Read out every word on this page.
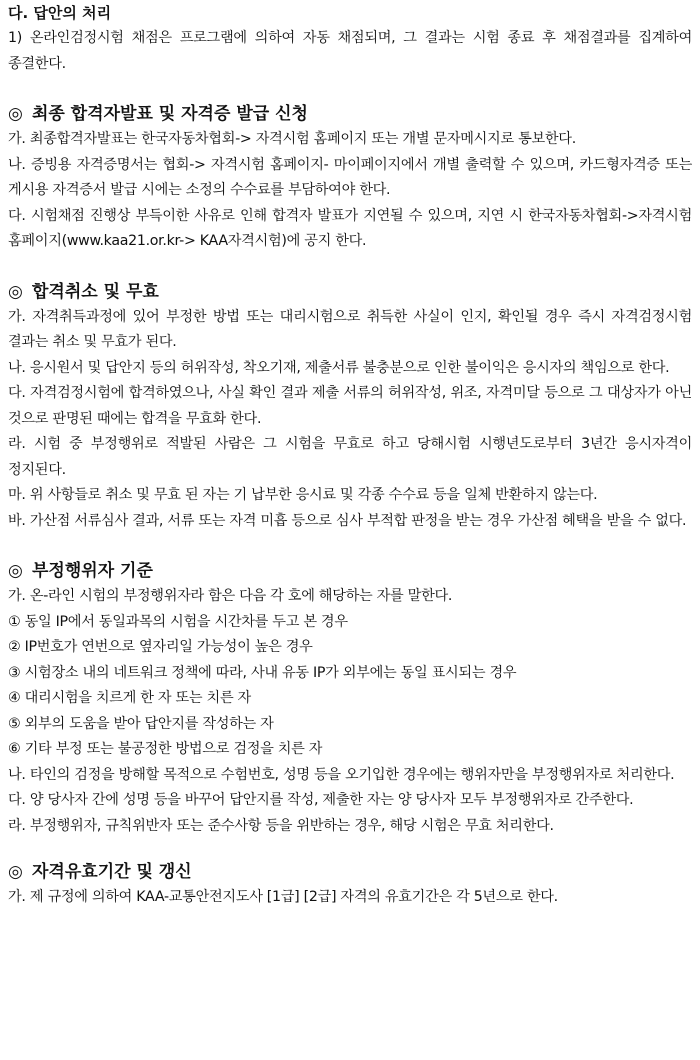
다. 답안의 처리

1) 온라인검정시험 채점은 프로그램에 의하여 자동 채점되며, 그 결과는 시험 종료 후 채점결과를 집계하여 종결한다.

◎ 최종 합격자발표 및 자격증 발급 신청

가. 최종합격자발표는 한국자동차협회-> 자격시험 홈페이지 또는 개별 문자메시지로 통보한다.

나. 증빙용 자격증명서는 협회-> 자격시험 홈페이지- 마이페이지에서 개별 출력할 수 있으며, 카드형자격증 또는 게시용 자격증서 발급 시에는 소정의 수수료를 부담하여야 한다.

다. 시험채점 진행상 부득이한 사유로 인해 합격자 발표가 지연될 수 있으며, 지연 시 한국자동차협회->자격시험 홈페이지(www.kaa21.or.kr-> KAA자격시험)에 공지 한다.

◎ 합격취소 및 무효

가. 자격취득과정에 있어 부정한 방법 또는 대리시험으로 취득한 사실이 인지, 확인될 경우 즉시 자격검정시험 결과는 취소 및 무효가 된다.

나. 응시원서 및 답안지 등의 허위작성, 착오기재, 제출서류 불충분으로 인한 불이익은 응시자의 책임으로 한다.

다. 자격검정시험에 합격하였으나, 사실 확인 결과 제출 서류의 허위작성, 위조, 자격미달 등으로 그 대상자가 아닌 것으로 판명된 때에는 합격을 무효화 한다.

라. 시험 중 부정행위로 적발된 사람은 그 시험을 무효로 하고 당해시험 시행년도로부터 3년간 응시자격이 정지된다.

마. 위 사항들로 취소 및 무효 된 자는 기 납부한 응시료 및 각종 수수료 등을 일체 반환하지 않는다.

바. 가산점 서류심사 결과, 서류 또는 자격 미흡 등으로 심사 부적합 판정을 받는 경우 가산점 혜택을 받을 수 없다.

◎ 부정행위자 기준

가. 온-라인 시험의 부정행위자라 함은 다음 각 호에 해당하는 자를 말한다.

① 동일 IP에서 동일과목의 시험을 시간차를 두고 본 경우

② IP번호가 연번으로 옆자리일 가능성이 높은 경우

③ 시험장소 내의 네트워크 정책에 따라, 사내 유동 IP가 외부에는 동일 표시되는 경우

④ 대리시험을 치르게 한 자 또는 치른 자

⑤ 외부의 도움을 받아 답안지를 작성하는 자

⑥ 기타 부정 또는 불공정한 방법으로 검정을 치른 자

나. 타인의 검정을 방해할 목적으로 수험번호, 성명 등을 오기입한 경우에는 행위자만을 부정행위자로 처리한다.

다. 양 당사자 간에 성명 등을 바꾸어 답안지를 작성, 제출한 자는 양 당사자 모두 부정행위자로 간주한다.

라. 부정행위자, 규칙위반자 또는 준수사항 등을 위반하는 경우, 해당 시험은 무효 처리한다.

◎ 자격유효기간 및 갱신

가. 제 규정에 의하여 KAA-교통안전지도사 [1급] [2급] 자격의 유효기간은 각 5년으로 한다.
